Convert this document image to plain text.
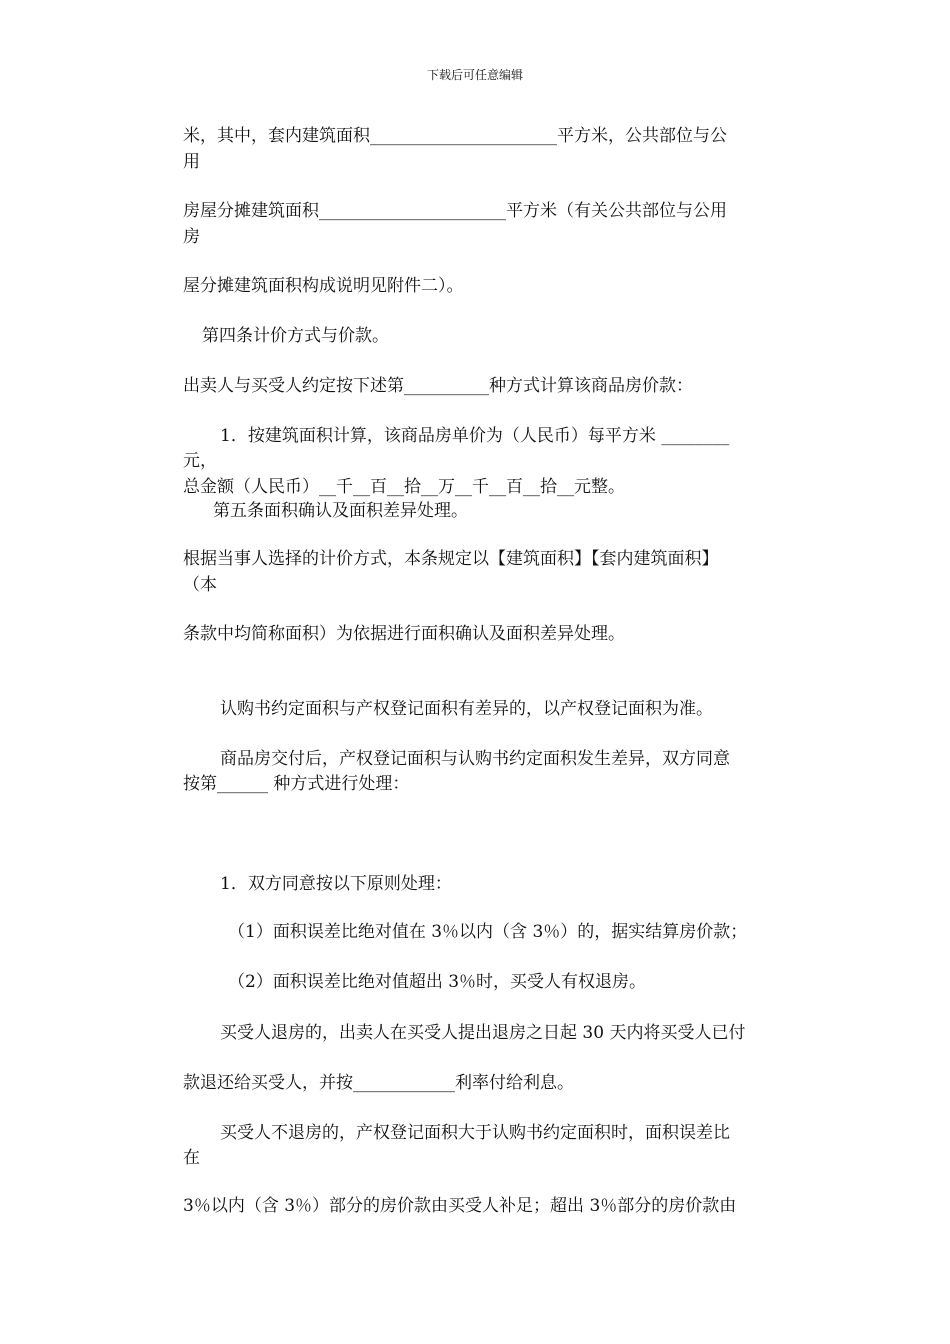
下载后可任意编辑
米，其中，套内建筑面积______________________平方米，公共部位与公
用
房屋分摊建筑面积______________________平方米（有关公共部位与公用
房
屋分摊建筑面积构成说明见附件二）。
第四条计价方式与价款。
出卖人与买受人约定按下述第__________种方式计算该商品房价款：
1．按建筑面积计算，该商品房单价为（人民币）每平方米 ________
元，
总金额（人民币）__千__百__拾__万__千__百__拾__元整。
第五条面积确认及面积差异处理。
根据当事人选择的计价方式，本条规定以【建筑面积】【套内建筑面积】
（本
条款中均简称面积）为依据进行面积确认及面积差异处理。
认购书约定面积与产权登记面积有差异的，以产权登记面积为准。
商品房交付后，产权登记面积与认购书约定面积发生差异，双方同意
按第______ 种方式进行处理：
1．双方同意按以下原则处理：
（1）面积误差比绝对值在 3％以内（含 3％）的，据实结算房价款；
（2）面积误差比绝对值超出 3％时，买受人有权退房。
买受人退房的，出卖人在买受人提出退房之日起 30 天内将买受人已付
款退还给买受人，并按____________利率付给利息。
买受人不退房的，产权登记面积大于认购书约定面积时，面积误差比
在
3％以内（含 3％）部分的房价款由买受人补足；超出 3％部分的房价款由
